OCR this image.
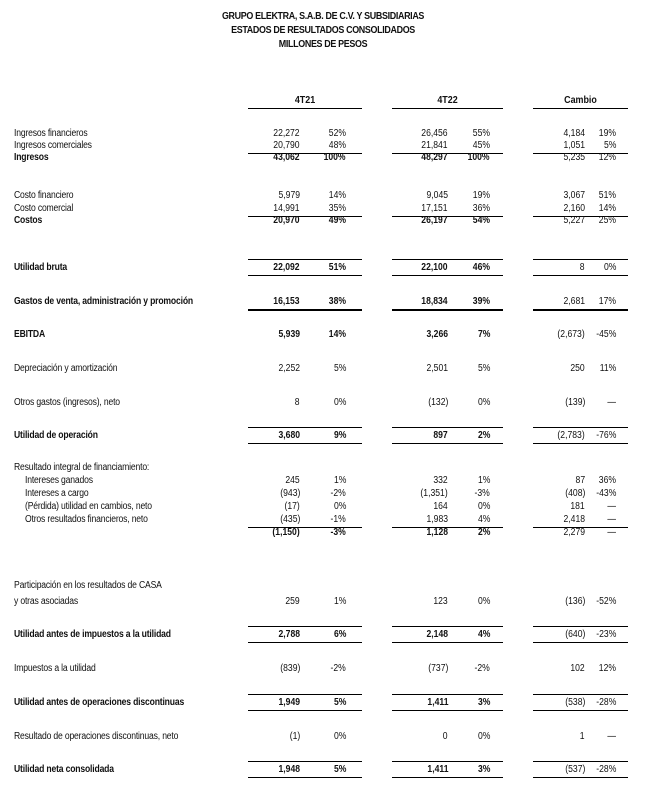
GRUPO ELEKTRA, S.A.B. DE C.V. Y SUBSIDIARIAS
ESTADOS DE RESULTADOS CONSOLIDADOS
MILLONES DE PESOS
4T21	4T22	Cambio
Ingresos financieros	22,272	52%	26,456 55%	4,184 19%
Ingresos comerciales	20,790	48%	21,841 45%	1,051 5%
Ingresos	43,062 100%	48,297 100%	5,235 12%
Costo financiero	5,979	14%	9,045 19%	3,067 51%
Costo comercial	14,991	35%	17,151 36%	2,160 14%
Costos	20,970	49%	26,197 54%	5,227 25%
Utilidad bruta	22,092	51%	22,100 46%	8 0%
Gastos de venta, administración y promoción	16,153	38%	18,834 39%	2,681 17%
EBITDA	5,939	14%	3,266	7%	(2,673) -45%
Depreciación y amortización	2,252	5%	2,501	5%	250 11%
Otros gastos (ingresos), neto	8	0%	(132)	0%	(139) —
Utilidad de operación	3,680	9%	897	2%	(2,783) -76%
Resultado integral de financiamiento:
Intereses ganados	245	1%	332	1%	87 36%
Intereses a cargo	(943)	-2%	(1,351)	-3%	(408) -43%
(Pérdida) utilidad en cambios, neto	(17)	0%	164	0%	181 —
Otros resultados financieros, neto	(435)	-1%	1,983	4%	2,418 —
(1,150)	-3%	1,128	2%	2,279 —
Participación en los resultados de CASA
y otras asociadas	259	1%	123	0%	(136) -52%
Utilidad antes de impuestos a la utilidad	2,788	6%	2,148	4%	(640) -23%
Impuestos a la utilidad	(839)	-2%	(737)	-2%	102 12%
Utilidad antes de operaciones discontinuas	1,949	5%	1,411	3%	(538) -28%
Resultado de operaciones discontinuas, neto	(1)	0%	0	0%	1 —
Utilidad neta consolidada	1,948	5%	1,411	3%	(537) -28%
